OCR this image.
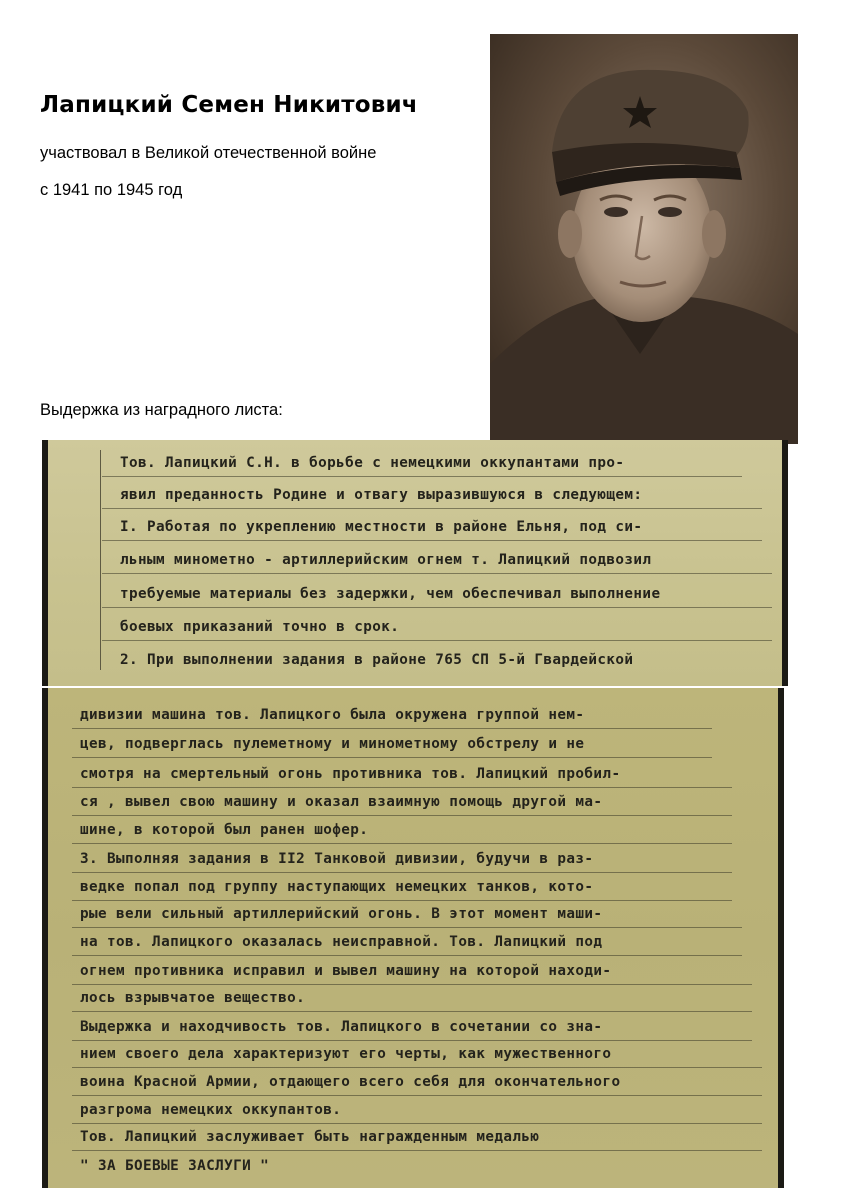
Лапицкий Семен Никитович

участвовал в Великой отечественной войне

с 1941 по 1945 год

Выдержка из наградного листа:

Тов. Лапицкий С.Н. в борьбе с немецкими оккупантами про-
явил преданность Родине и отвагу выразившуюся в следующем:
I. Работая по укреплению местности в районе Ельня, под си-
льным минометно - артиллерийским огнем т. Лапицкий подвозил
требуемые материалы без задержки, чем обеспечивал выполнение
боевых приказаний точно в срок.
2. При выполнении задания в районе 765 СП 5-й Гвардейской
дивизии машина тов. Лапицкого была окружена группой нем-
цев, подверглась пулеметному и минометному обстрелу и не
смотря на смертельный огонь противника тов. Лапицкий пробил-
ся , вывел свою машину и оказал взаимную помощь другой ма-
шине, в которой был ранен шофер.
3. Выполняя задания в II2 Танковой дивизии, будучи в раз-
ведке попал под группу наступающих немецких танков, кото-
рые вели сильный артиллерийский огонь. В этот момент маши-
на тов. Лапицкого оказалась неисправной. Тов. Лапицкий под
огнем противника исправил и вывел машину на которой находи-
лось взрывчатое вещество.
Выдержка и находчивость тов. Лапицкого в сочетании со зна-
нием своего дела характеризуют его черты, как мужественного
воина Красной Армии, отдающего всего себя для окончательного
разгрома немецких оккупантов.
Тов. Лапицкий заслуживает быть награжденным медалью
" ЗА БОЕВЫЕ ЗАСЛУГИ "
